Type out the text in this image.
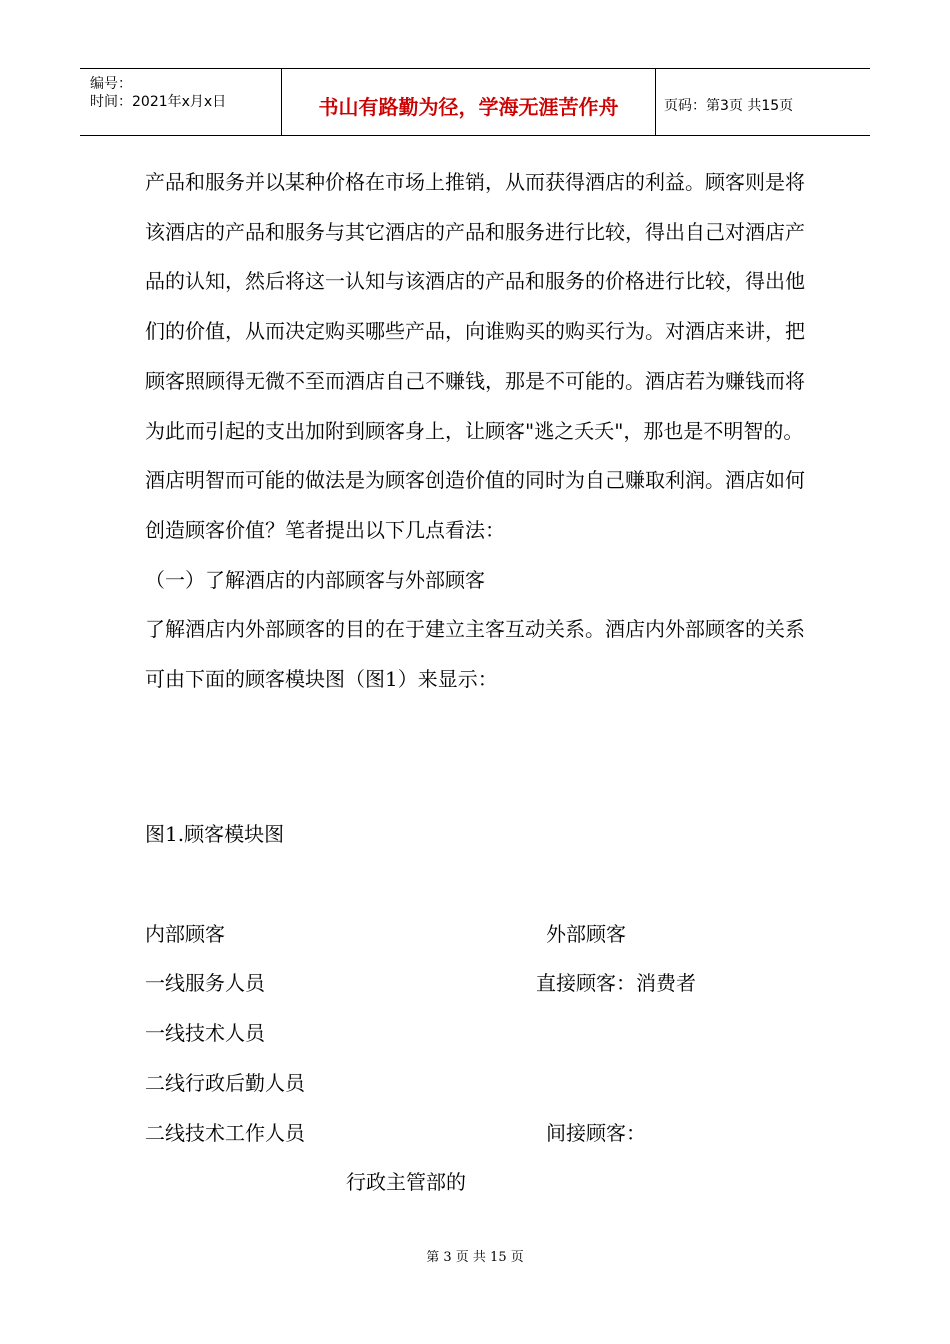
编号：
时间：2021年x月x日	书山有路勤为径，学海无涯苦作舟	页码：第3页 共15页

产品和服务并以某种价格在市场上推销，从而获得酒店的利益。顾客则是将该酒店的产品和服务与其它酒店的产品和服务进行比较，得出自己对酒店产品的认知，然后将这一认知与该酒店的产品和服务的价格进行比较，得出他们的价值，从而决定购买哪些产品，向谁购买的购买行为。对酒店来讲，把顾客照顾得无微不至而酒店自己不赚钱，那是不可能的。酒店若为赚钱而将为此而引起的支出加附到顾客身上，让顾客"逃之夭夭"，那也是不明智的。酒店明智而可能的做法是为顾客创造价值的同时为自己赚取利润。酒店如何创造顾客价值？笔者提出以下几点看法：

（一）了解酒店的内部顾客与外部顾客

了解酒店内外部顾客的目的在于建立主客互动关系。酒店内外部顾客的关系可由下面的顾客模块图（图1）来显示：

图1.顾客模块图
内部顾客	外部顾客
一线服务人员	直接顾客：消费者
一线技术人员
二线行政后勤人员
二线技术工作人员	间接顾客：
行政主管部的
第 3 页 共 15 页
